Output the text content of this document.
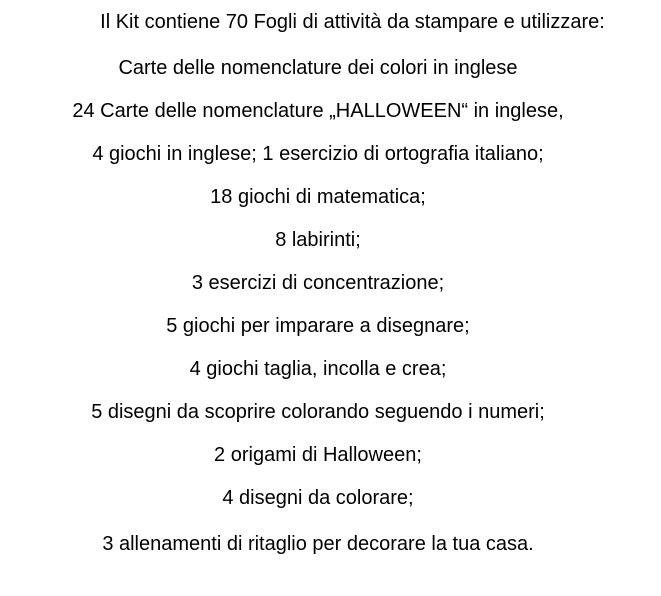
Il Kit contiene 70 Fogli di attività da stampare e utilizzare:
Carte delle nomenclature dei colori in inglese
24 Carte delle nomenclature „HALLOWEEN“ in inglese,
4 giochi in inglese; 1 esercizio di ortografia italiano;
18 giochi di matematica;
8 labirinti;
3 esercizi di concentrazione;
5 giochi per imparare a disegnare;
4 giochi taglia, incolla e crea;
5 disegni da scoprire colorando seguendo i numeri;
2 origami di Halloween;
4 disegni da colorare;
3 allenamenti di ritaglio per decorare la tua casa.
